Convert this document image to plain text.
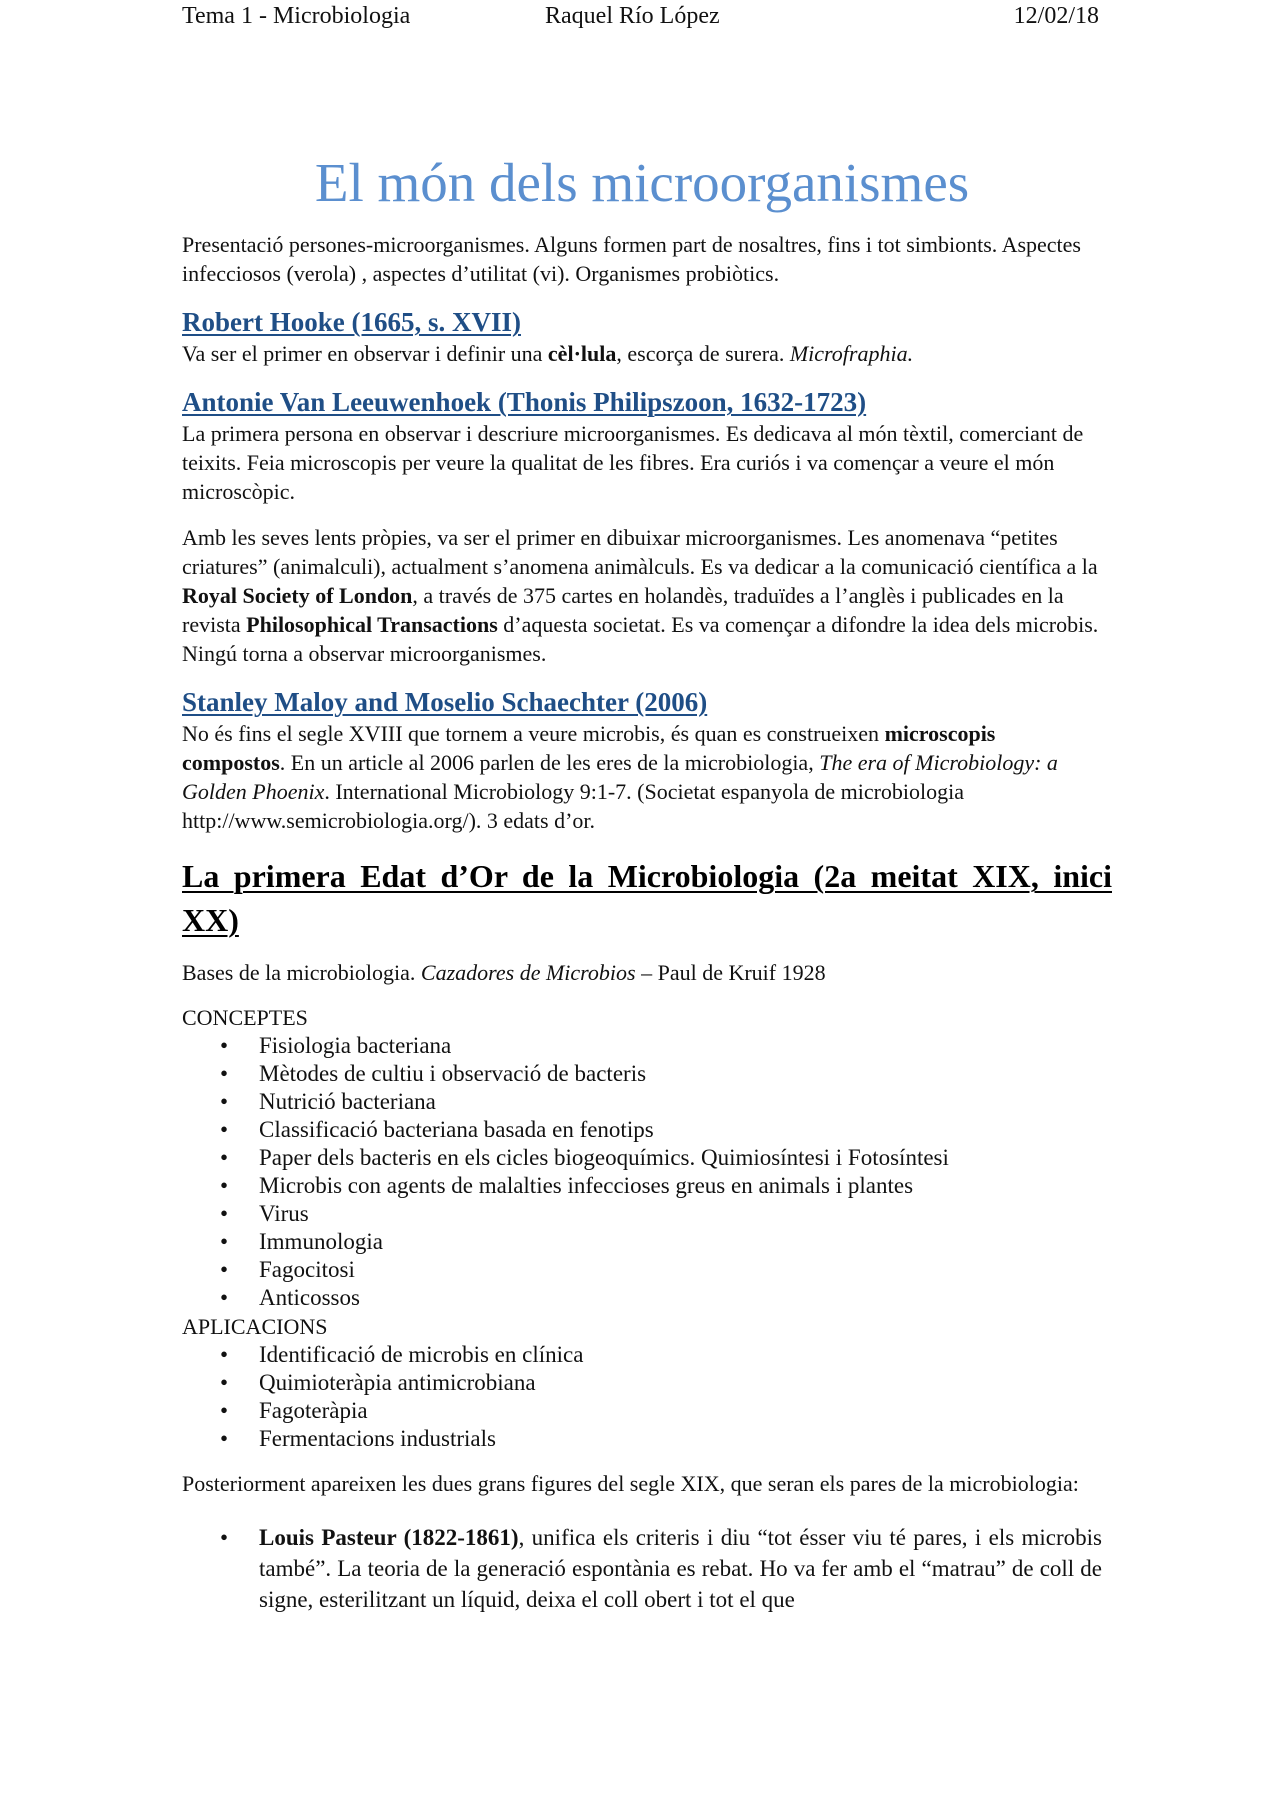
Tema 1 - Microbiologia	Raquel Río López	12/02/18
El món dels microorganismes

Presentació persones-microorganismes. Alguns formen part de nosaltres, fins i tot simbionts. Aspectes infecciosos (verola) , aspectes d’utilitat (vi). Organismes probiòtics.

Robert Hooke (1665, s. XVII)

Va ser el primer en observar i definir una cèl·lula, escorça de surera. Microfraphia.

Antonie Van Leeuwenhoek (Thonis Philipszoon, 1632-1723)

La primera persona en observar i descriure microorganismes. Es dedicava al món tèxtil, comerciant de teixits. Feia microscopis per veure la qualitat de les fibres. Era curiós i va començar a veure el món microscòpic.

Amb les seves lents pròpies, va ser el primer en dibuixar microorganismes. Les anomenava “petites criatures” (animalculi), actualment s’anomena animàlculs. Es va dedicar a la comunicació científica a la Royal Society of London, a través de 375 cartes en holandès, traduïdes a l’anglès i publicades en la revista Philosophical Transactions d’aquesta societat. Es va començar a difondre la idea dels microbis. Ningú torna a observar microorganismes.

Stanley Maloy and Moselio Schaechter (2006)

No és fins el segle XVIII que tornem a veure microbis, és quan es construeixen microscopis compostos. En un article al 2006 parlen de les eres de la microbiologia, The era of Microbiology: a Golden Phoenix. International Microbiology 9:1-7. (Societat espanyola de microbiologia http://www.semicrobiologia.org/). 3 edats d’or.

La primera Edat d’Or de la Microbiologia (2a meitat XIX, inici XX)

Bases de la microbiologia. Cazadores de Microbios – Paul de Kruif 1928

CONCEPTES

• Fisiologia bacteriana
• Mètodes de cultiu i observació de bacteris
• Nutrició bacteriana
• Classificació bacteriana basada en fenotips
• Paper dels bacteris en els cicles biogeoquímics. Quimiosíntesi i Fotosíntesi
• Microbis con agents de malalties infeccioses greus en animals i plantes
• Virus
• Immunologia
• Fagocitosi
• Anticossos

APLICACIONS

• Identificació de microbis en clínica
• Quimioteràpia antimicrobiana
• Fagoteràpia
• Fermentacions industrials

Posteriorment apareixen les dues grans figures del segle XIX, que seran els pares de la microbiologia:

• Louis Pasteur (1822-1861), unifica els criteris i diu “tot ésser viu té pares, i els microbis també”. La teoria de la generació espontània es rebat. Ho va fer amb el “matrau” de coll de signe, esterilitzant un líquid, deixa el coll obert i tot el que
